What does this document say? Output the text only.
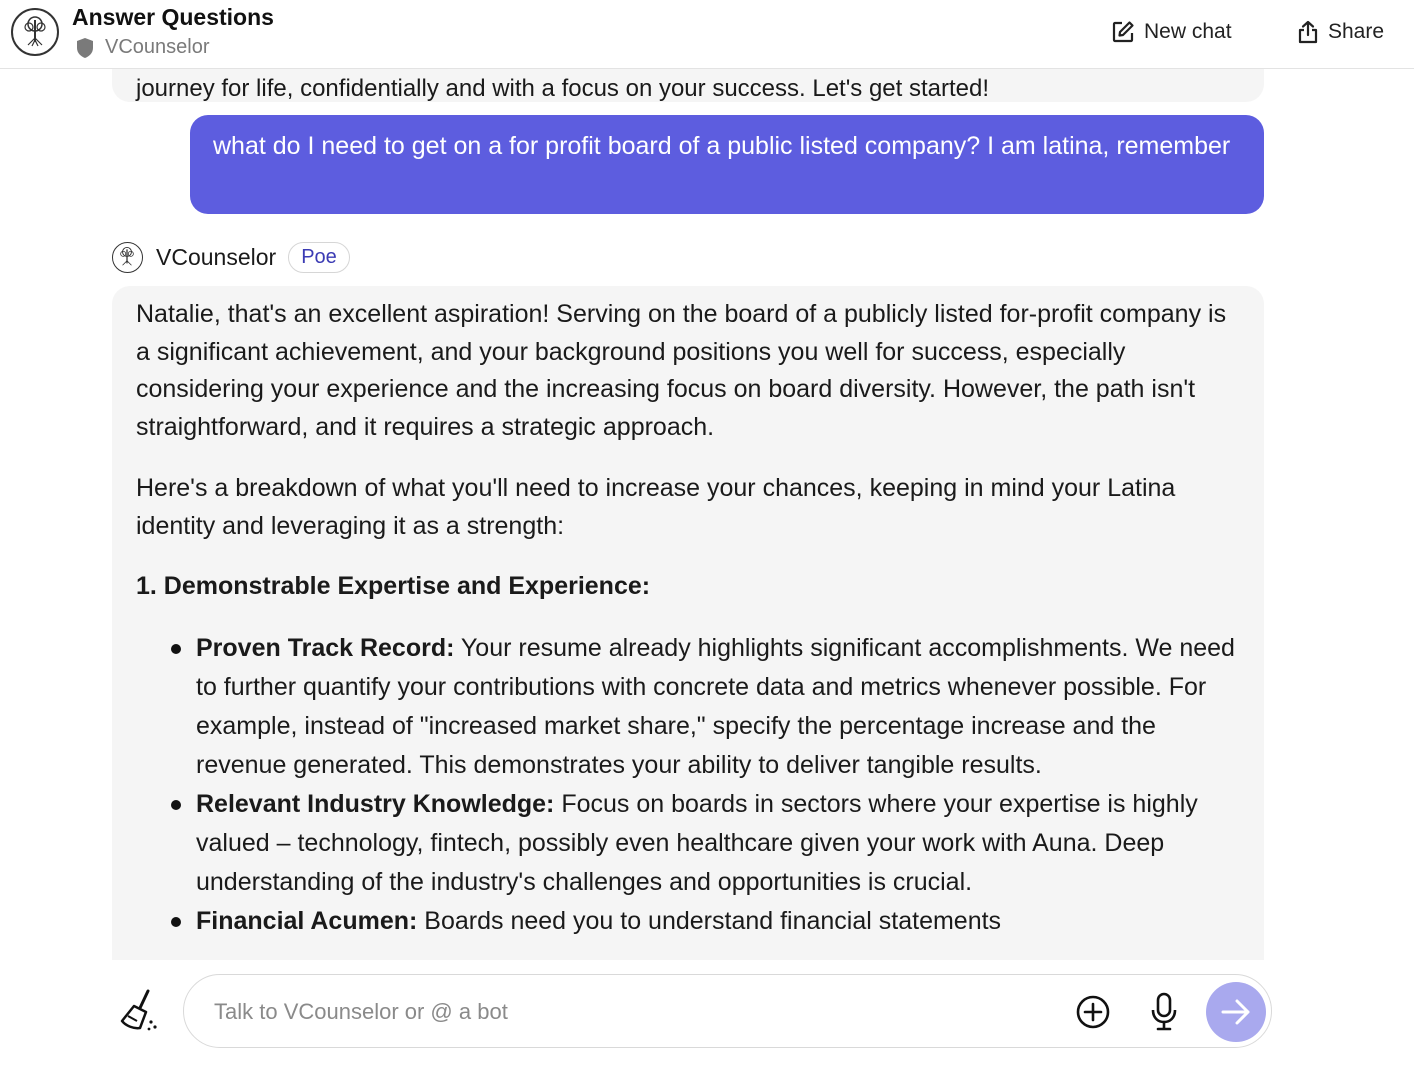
Answer Questions
VCounselor
New chat	Share
journey for life, confidentially and with a focus on your success. Let's get started!
what do I need to get on a for profit board of a public listed company? I am latina, remember
VCounselor	Poe

Natalie, that's an excellent aspiration! Serving on the board of a publicly listed for-profit company is a significant achievement, and your background positions you well for success, especially considering your experience and the increasing focus on board diversity. However, the path isn't straightforward, and it requires a strategic approach.

Here's a breakdown of what you'll need to increase your chances, keeping in mind your Latina identity and leveraging it as a strength:

1. Demonstrable Expertise and Experience:
Proven Track Record: Your resume already highlights significant accomplishments. We need to further quantify your contributions with concrete data and metrics whenever possible. For example, instead of "increased market share," specify the percentage increase and the revenue generated. This demonstrates your ability to deliver tangible results.
Relevant Industry Knowledge: Focus on boards in sectors where your expertise is highly valued – technology, fintech, possibly even healthcare given your work with Auna. Deep understanding of the industry's challenges and opportunities is crucial.
Financial Acumen: Boards need you to understand financial statements
Talk to VCounselor or @ a bot
